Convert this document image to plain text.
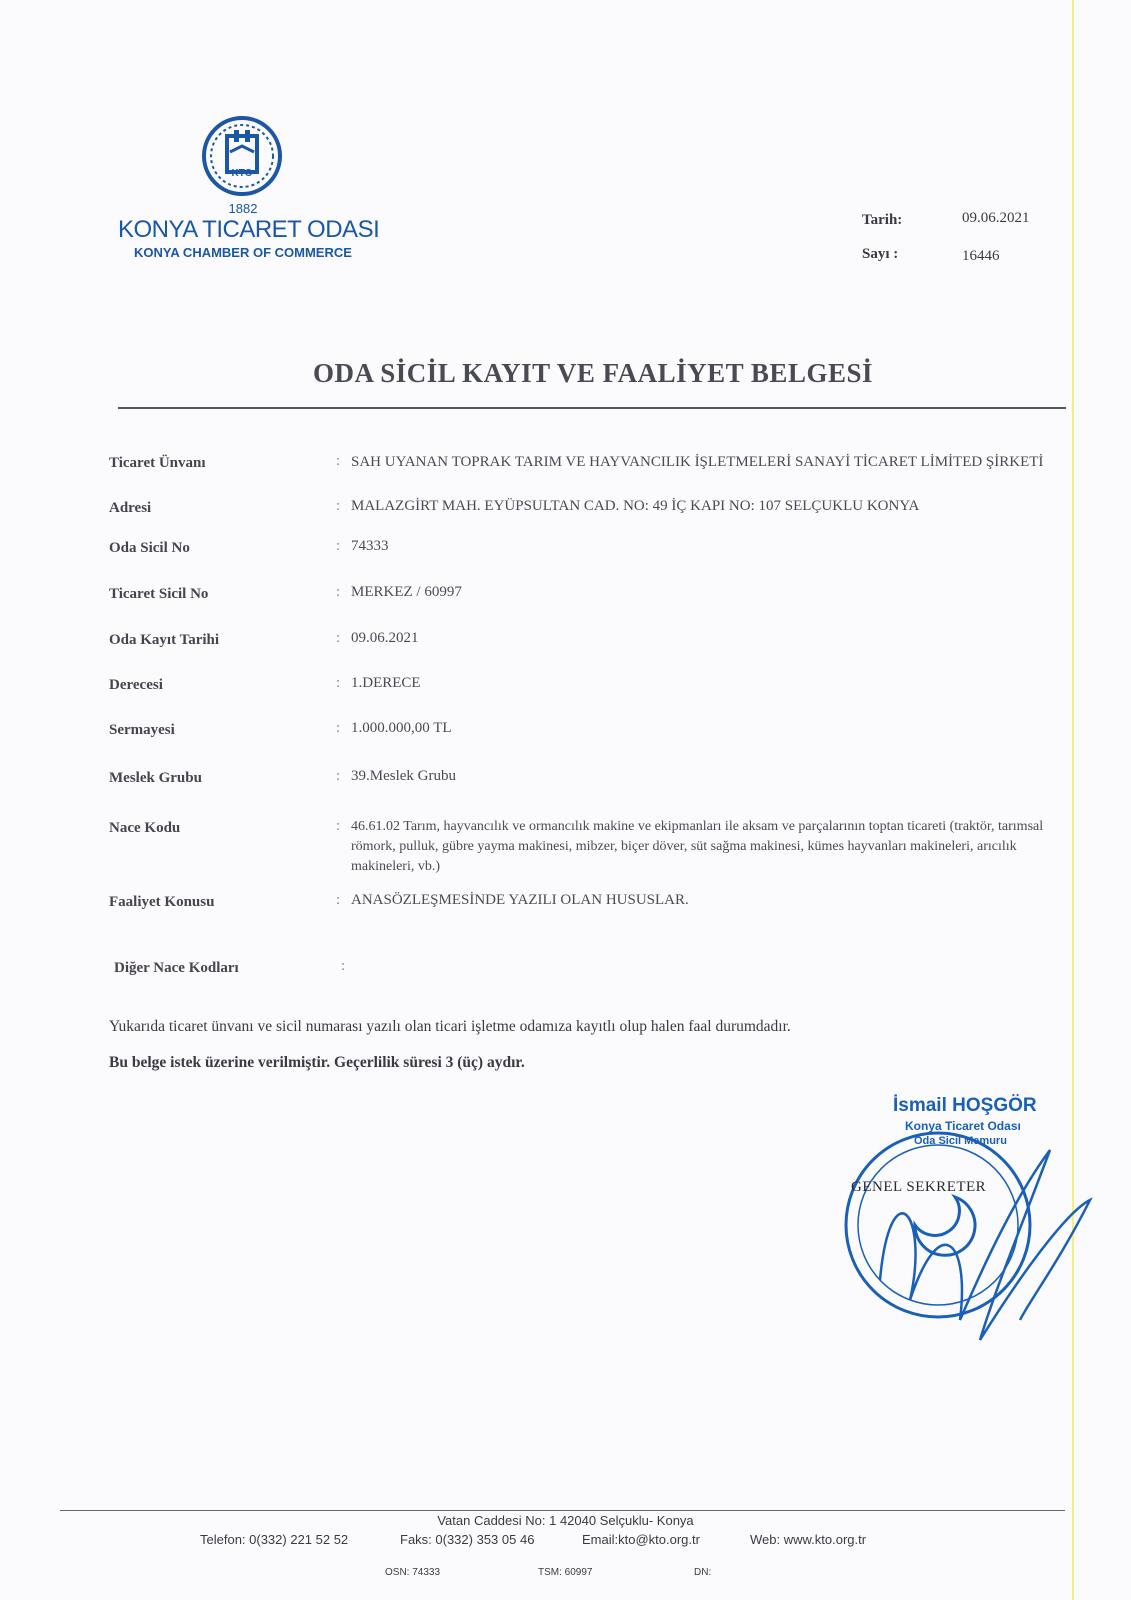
KTO
1882
KONYA TICARET ODASI
KONYA CHAMBER OF COMMERCE
Tarih:	09.06.2021
Sayı :	16446
ODA SİCİL KAYIT VE FAALİYET BELGESİ
Ticaret Ünvanı	: SAH UYANAN TOPRAK TARIM VE HAYVANCILIK İŞLETMELERİ SANAYİ TİCARET LİMİTED ŞİRKETİ
Adresi	: MALAZGİRT MAH. EYÜPSULTAN CAD. NO: 49 İÇ KAPI NO: 107 SELÇUKLU KONYA
Oda Sicil No	: 74333
Ticaret Sicil No	: MERKEZ / 60997
Oda Kayıt Tarihi	: 09.06.2021
Derecesi	: 1.DERECE
Sermayesi	: 1.000.000,00 TL
Meslek Grubu	: 39.Meslek Grubu
Nace Kodu	: 46.61.02 Tarım, hayvancılık ve ormancılık makine ve ekipmanları ile aksam ve parçalarının toptan ticareti (traktör, tarımsal römork, pulluk, gübre yayma makinesi, mibzer, biçer döver, süt sağma makinesi, kümes hayvanları makineleri, arıcılık makineleri, vb.)
Faaliyet Konusu	: ANASÖZLEŞMESİNDE YAZILI OLAN HUSUSLAR.
Diğer Nace Kodları	:
Yukarıda ticaret ünvanı ve sicil numarası yazılı olan ticari işletme odamıza kayıtlı olup halen faal durumdadır.
Bu belge istek üzerine verilmiştir. Geçerlilik süresi 3 (üç) aydır.
İsmail HOŞGÖR
Konya Ticaret Odası
Oda Sicil Memuru
GENEL SEKRETER
Vatan Caddesi No: 1 42040 Selçuklu- Konya
Telefon: 0(332) 221 52 52	Faks: 0(332) 353 05 46	Email:kto@kto.org.tr	Web: www.kto.org.tr
OSN: 74333	TSM: 60997	DN:
